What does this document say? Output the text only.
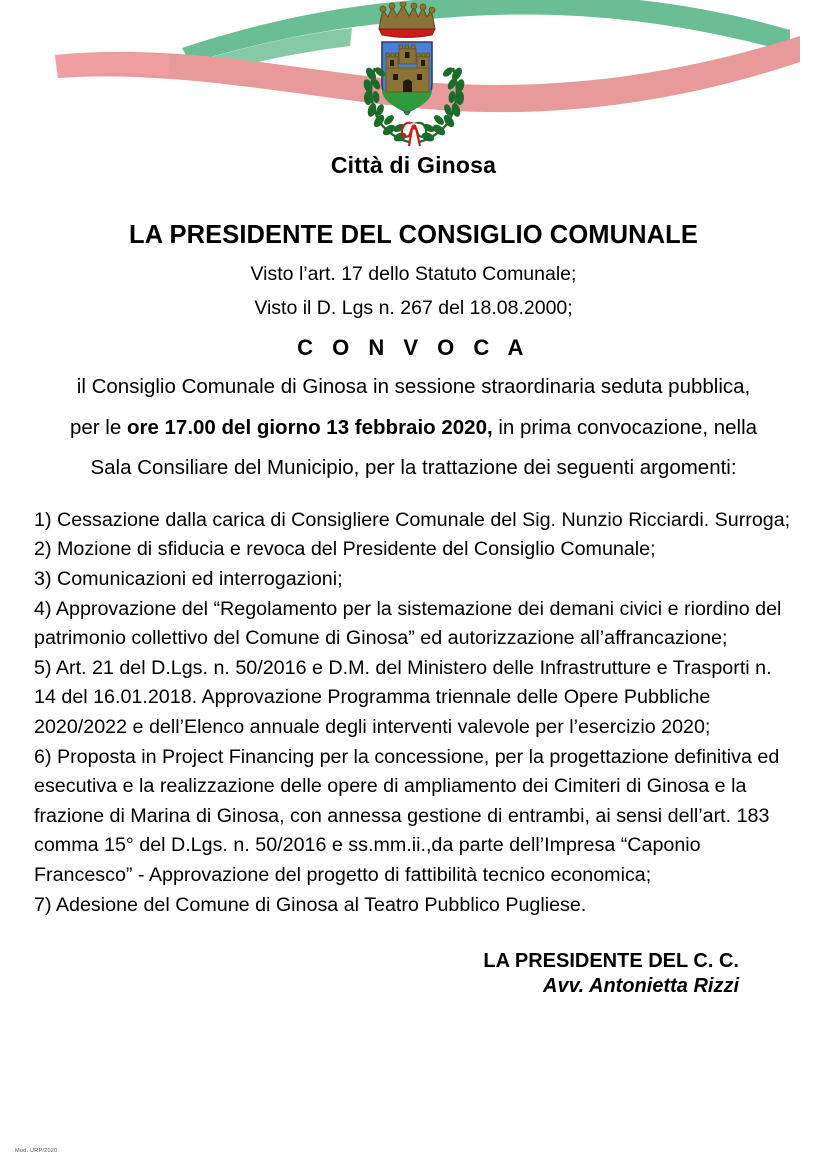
Città di Ginosa
LA PRESIDENTE DEL CONSIGLIO COMUNALE
Visto l’art. 17 dello Statuto Comunale;
Visto il D. Lgs n. 267 del 18.08.2000;
C O N V O C A
il Consiglio Comunale di Ginosa in sessione straordinaria seduta pubblica,
per le ore 17.00 del giorno 13 febbraio 2020, in prima convocazione, nella
Sala Consiliare del Municipio, per la trattazione dei seguenti argomenti:

1) Cessazione dalla carica di Consigliere Comunale del Sig. Nunzio Ricciardi. Surroga;

2) Mozione di sfiducia e revoca del Presidente del Consiglio Comunale;

3) Comunicazioni ed interrogazioni;

4) Approvazione del “Regolamento per la sistemazione dei demani civici e riordino del patrimonio collettivo del Comune di Ginosa” ed autorizzazione all’affrancazione;

5) Art. 21 del D.Lgs. n. 50/2016 e D.M. del Ministero delle Infrastrutture e Trasporti n. 14 del 16.01.2018. Approvazione Programma triennale delle Opere Pubbliche 2020/2022 e dell’Elenco annuale degli interventi valevole per l’esercizio 2020;

6) Proposta in Project Financing per la concessione, per la progettazione definitiva ed esecutiva e la realizzazione delle opere di ampliamento dei Cimiteri di Ginosa e la frazione di Marina di Ginosa, con annessa gestione di entrambi, ai sensi dell’art. 183 comma 15° del D.Lgs. n. 50/2016 e ss.mm.ii.,da parte dell’Impresa “Caponio Francesco” - Approvazione del progetto di fattibilità tecnico economica;

7) Adesione del Comune di Ginosa al Teatro Pubblico Pugliese.

LA PRESIDENTE DEL C. C.
Avv. Antonietta Rizzi
Mod. URP/2020
